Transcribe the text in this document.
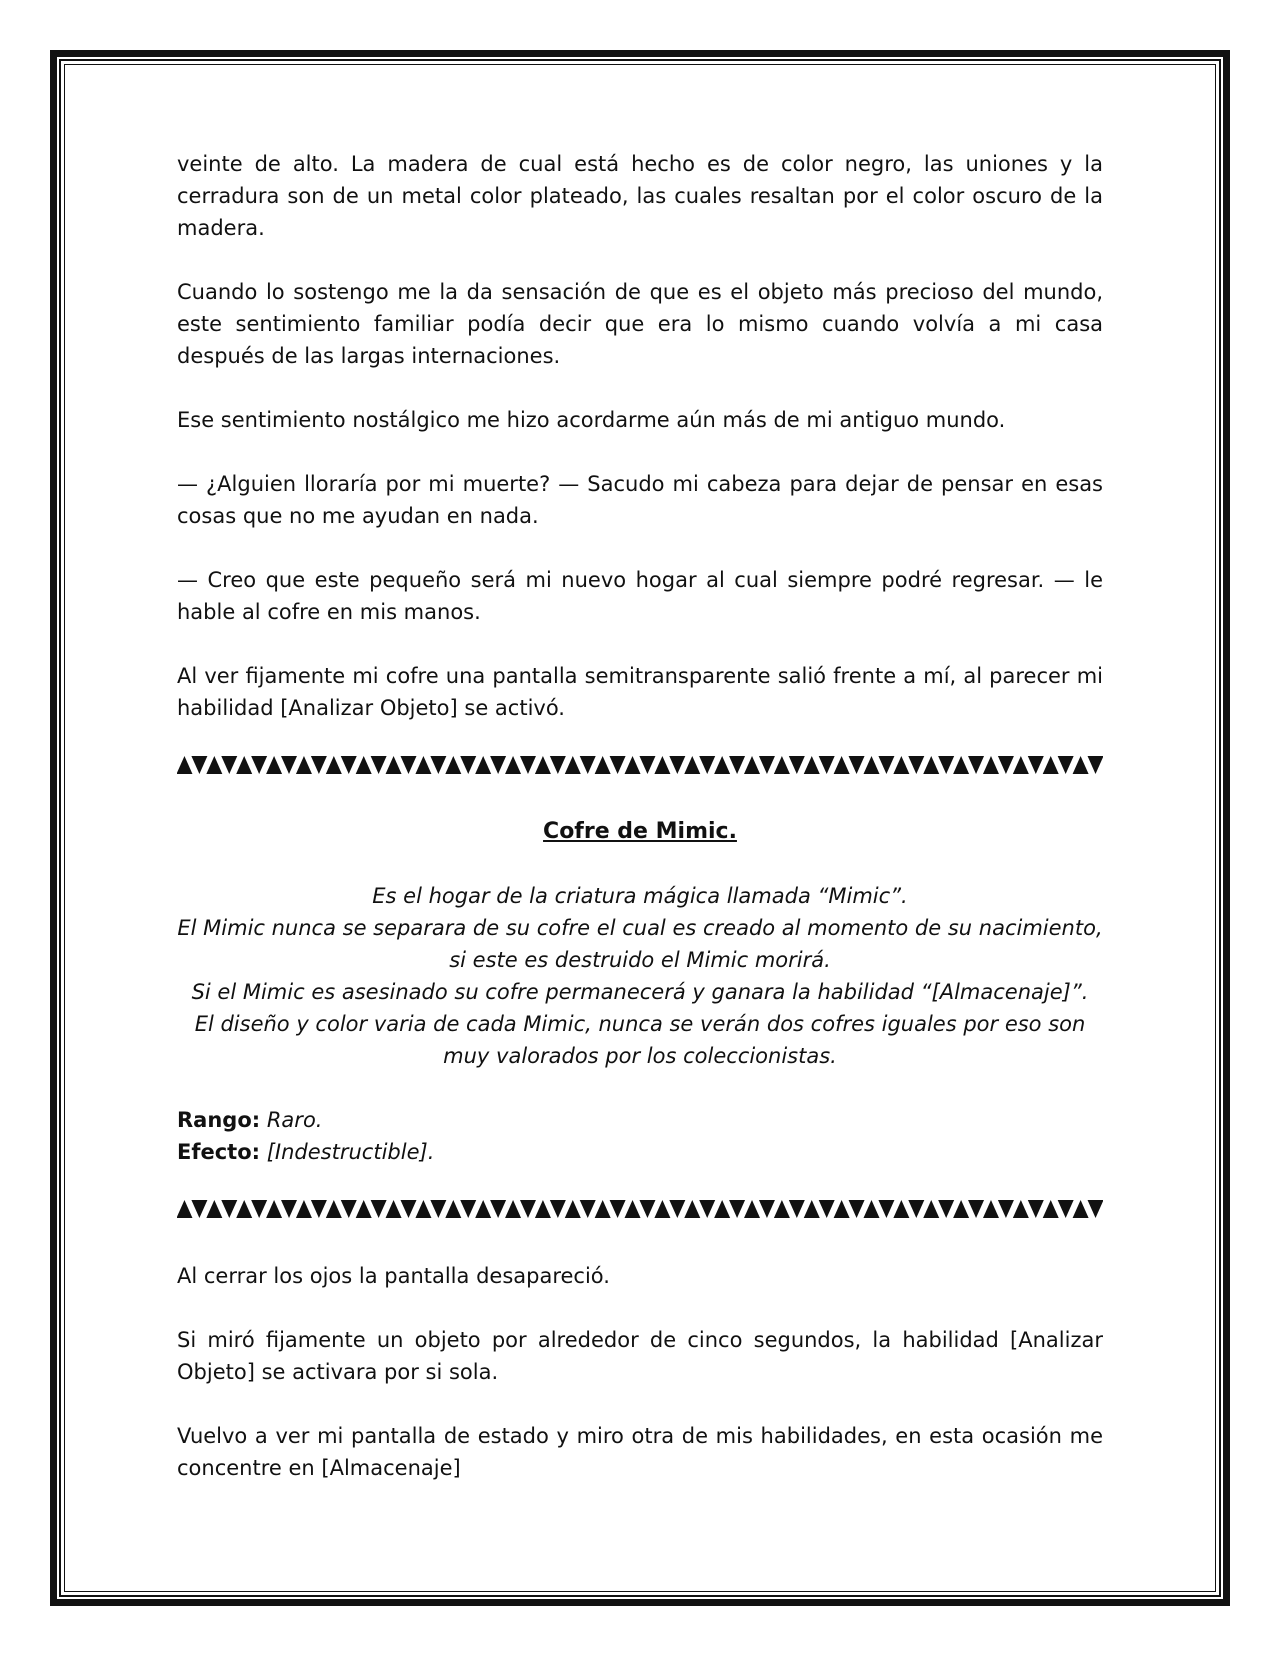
veinte de alto. La madera de cual está hecho es de color negro, las uniones y la cerradura son de un metal color plateado, las cuales resaltan por el color oscuro de la madera.

Cuando lo sostengo me la da sensación de que es el objeto más precioso del mundo, este sentimiento familiar podía decir que era lo mismo cuando volvía a mi casa después de las largas internaciones.

Ese sentimiento nostálgico me hizo acordarme aún más de mi antiguo mundo.

— ¿Alguien lloraría por mi muerte? — Sacudo mi cabeza para dejar de pensar en esas cosas que no me ayudan en nada.

— Creo que este pequeño será mi nuevo hogar al cual siempre podré regresar. — le hable al cofre en mis manos.

Al ver fijamente mi cofre una pantalla semitransparente salió frente a mí, al parecer mi habilidad [Analizar Objeto] se activó.

Cofre de Mimic.

Es el hogar de la criatura mágica llamada “Mimic”.
El Mimic nunca se separara de su cofre el cual es creado al momento de su nacimiento,
si este es destruido el Mimic morirá.
Si el Mimic es asesinado su cofre permanecerá y ganara la habilidad “[Almacenaje]”.
El diseño y color varia de cada Mimic, nunca se verán dos cofres iguales por eso son
muy valorados por los coleccionistas.

Rango: Raro.

Efecto: [Indestructible].

Al cerrar los ojos la pantalla desapareció.

Si miró fijamente un objeto por alrededor de cinco segundos, la habilidad [Analizar Objeto] se activara por si sola.

Vuelvo a ver mi pantalla de estado y miro otra de mis habilidades, en esta ocasión me concentre en [Almacenaje]
